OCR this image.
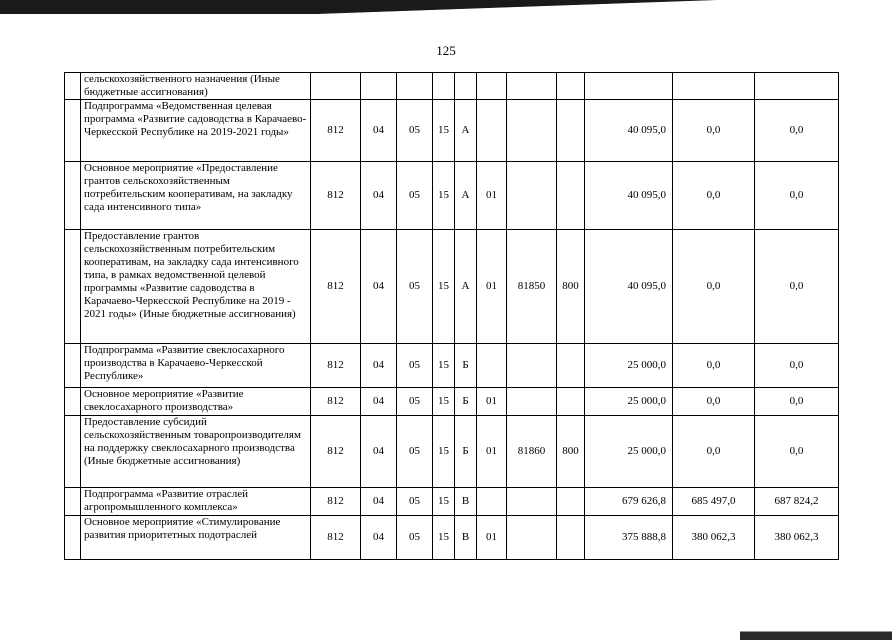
125
	сельскохозяйственного назначения (Иные бюджетные ассигнования)											
	Подпрограмма «Ведомственная целевая программа «Развитие садоводства в Карачаево-Черкесской Республике на 2019-2021 годы»	812	04	05	15	А				40 095,0	0,0	0,0
	Основное мероприятие «Предоставление грантов сельскохозяйственным потребительским кооперативам, на закладку сада интенсивного типа»	812	04	05	15	А	01			40 095,0	0,0	0,0
	Предоставление грантов сельскохозяйственным потребительским кооперативам, на закладку сада интенсивного типа, в рамках ведомственной целевой программы «Развитие садоводства в Карачаево-Черкесской Республике на 2019 - 2021 годы» (Иные бюджетные ассигнования)	812	04	05	15	А	01	81850	800	40 095,0	0,0	0,0
	Подпрограмма «Развитие свеклосахарного производства в Карачаево-Черкесской Республике»	812	04	05	15	Б				25 000,0	0,0	0,0
	Основное мероприятие «Развитие свеклосахарного производства»	812	04	05	15	Б	01			25 000,0	0,0	0,0
	Предоставление субсидий сельскохозяйственным товаропроизводителям на поддержку свеклосахарного производства (Иные бюджетные ассигнования)	812	04	05	15	Б	01	81860	800	25 000,0	0,0	0,0
	Подпрограмма «Развитие отраслей агропромышленного комплекса»	812	04	05	15	В				679 626,8	685 497,0	687 824,2
	Основное мероприятие «Стимулирование развития приоритетных подотраслей	812	04	05	15	В	01			375 888,8	380 062,3	380 062,3
